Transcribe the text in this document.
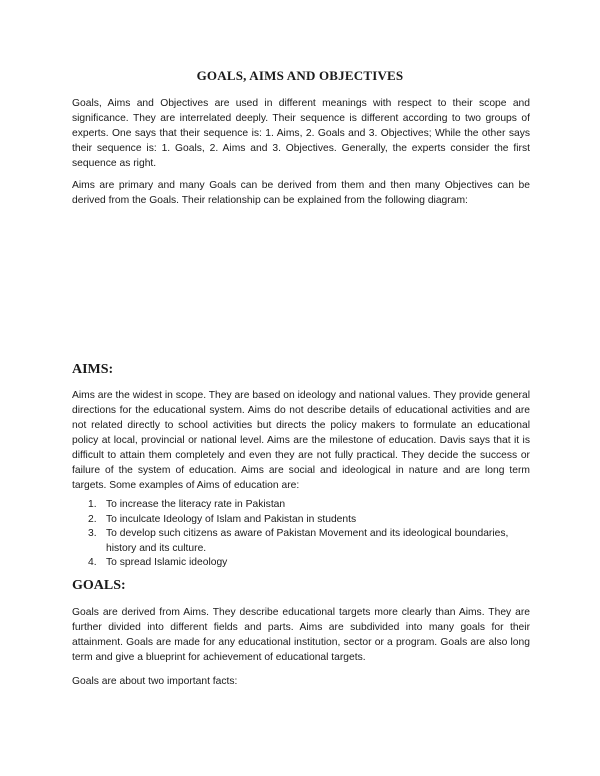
GOALS, AIMS AND OBJECTIVES

Goals, Aims and Objectives are used in different meanings with respect to their scope and significance. They are interrelated deeply. Their sequence is different according to two groups of experts. One says that their sequence is: 1. Aims, 2. Goals and 3. Objectives; While the other says their sequence is: 1. Goals, 2. Aims and 3. Objectives. Generally, the experts consider the first sequence as right.

Aims are primary and many Goals can be derived from them and then many Objectives can be derived from the Goals. Their relationship can be explained from the following diagram:

AIMS:

Aims are the widest in scope. They are based on ideology and national values. They provide general directions for the educational system. Aims do not describe details of educational activities and are not related directly to school activities but directs the policy makers to formulate an educational policy at local, provincial or national level. Aims are the milestone of education. Davis says that it is difficult to attain them completely and even they are not fully practical. They decide the success or failure of the system of education. Aims are social and ideological in nature and are long term targets. Some examples of Aims of education are:

1. To increase the literacy rate in Pakistan
2. To inculcate Ideology of Islam and Pakistan in students
3. To develop such citizens as aware of Pakistan Movement and its ideological boundaries, history and its culture.
4. To spread Islamic ideology
GOALS:

Goals are derived from Aims. They describe educational targets more clearly than Aims. They are further divided into different fields and parts. Aims are subdivided into many goals for their attainment. Goals are made for any educational institution, sector or a program. Goals are also long term and give a blueprint for achievement of educational targets.

Goals are about two important facts:
